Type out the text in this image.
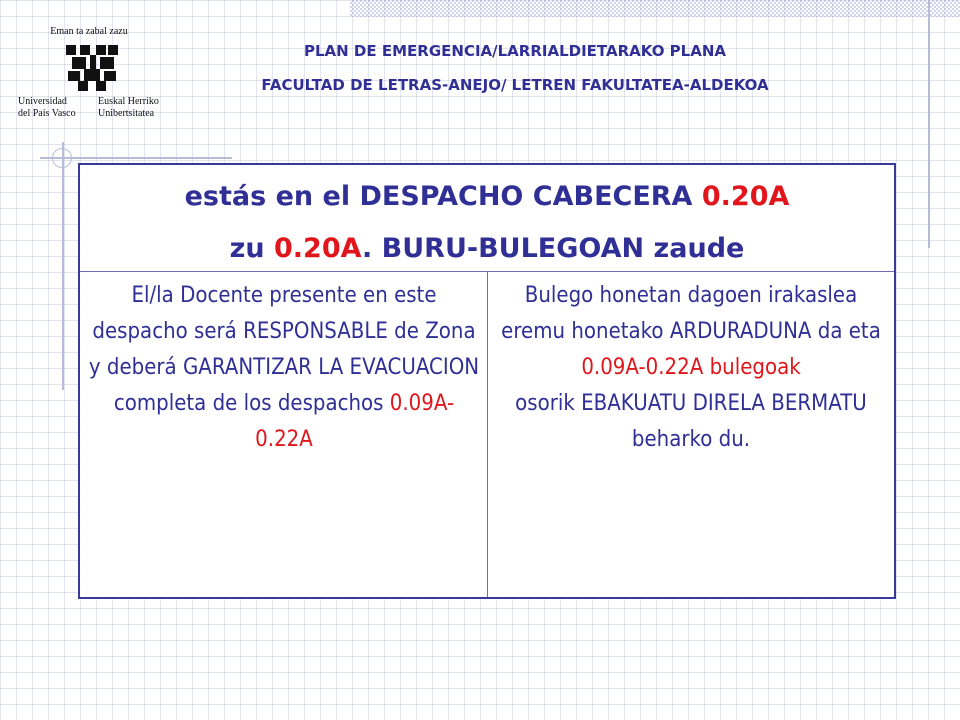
Eman ta zabal zazu
Universidad
del País Vasco
Euskal Herriko
Unibertsitatea
PLAN DE EMERGENCIA/LARRIALDIETARAKO PLANA
FACULTAD DE LETRAS-ANEJO/ LETREN FAKULTATEA-ALDEKOA
estás en el DESPACHO CABECERA 0.20A
zu 0.20A. BURU-BULEGOAN zaude
El/la Docente presente en este despacho será RESPONSABLE de Zona y deberá GARANTIZAR LA EVACUACION completa de los despachos 0.09A-0.22A
Bulego honetan dagoen irakaslea eremu honetako ARDURADUNA da eta
0.09A-0.22A bulegoak
osorik EBAKUATU DIRELA BERMATU beharko du.
